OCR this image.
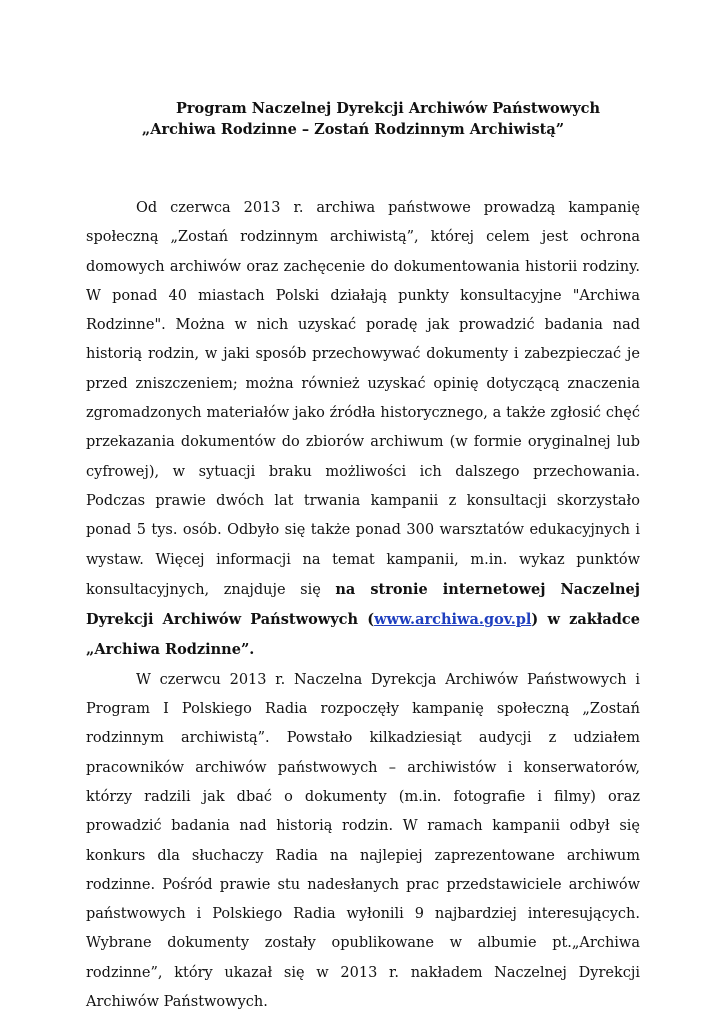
Program Naczelnej Dyrekcji Archiwów Państwowych

„Archiwa Rodzinne – Zostań Rodzinnym Archiwistą”

Od czerwca 2013 r. archiwa państwowe prowadzą kampanię społeczną „Zostań rodzinnym archiwistą”, której celem jest ochrona domowych archiwów oraz zachęcenie do dokumentowania historii rodziny. W ponad 40 miastach Polski działają punkty konsultacyjne "Archiwa Rodzinne". Można w nich uzyskać poradę jak prowadzić badania nad historią rodzin, w jaki sposób przechowywać dokumenty i zabezpieczać je przed zniszczeniem; można również uzyskać opinię dotyczącą znaczenia zgromadzonych materiałów jako źródła historycznego, a także zgłosić chęć przekazania dokumentów do zbiorów archiwum (w formie oryginalnej lub cyfrowej), w sytuacji braku możliwości ich dalszego przechowania. Podczas prawie dwóch lat trwania kampanii z konsultacji skorzystało ponad 5 tys. osób. Odbyło się także ponad 300 warsztatów edukacyjnych i wystaw. Więcej informacji na temat kampanii, m.in. wykaz punktów konsultacyjnych, znajduje się na stronie internetowej Naczelnej Dyrekcji Archiwów Państwowych (www.archiwa.gov.pl) w zakładce „Archiwa Rodzinne”.

W czerwcu 2013 r. Naczelna Dyrekcja Archiwów Państwowych i Program I Polskiego Radia rozpoczęły kampanię społeczną „Zostań rodzinnym archiwistą”. Powstało kilkadziesiąt audycji z udziałem pracowników archiwów państwowych – archiwistów i konserwatorów, którzy radzili jak dbać o dokumenty (m.in. fotografie i filmy) oraz prowadzić badania nad historią rodzin. W ramach kampanii odbył się konkurs dla słuchaczy Radia na najlepiej zaprezentowane archiwum rodzinne. Pośród prawie stu nadesłanych prac przedstawiciele archiwów państwowych i Polskiego Radia wyłonili 9 najbardziej interesujących. Wybrane dokumenty zostały opublikowane w albumie pt.„Archiwa rodzinne”, który ukazał się w 2013 r. nakładem Naczelnej Dyrekcji Archiwów Państwowych.
